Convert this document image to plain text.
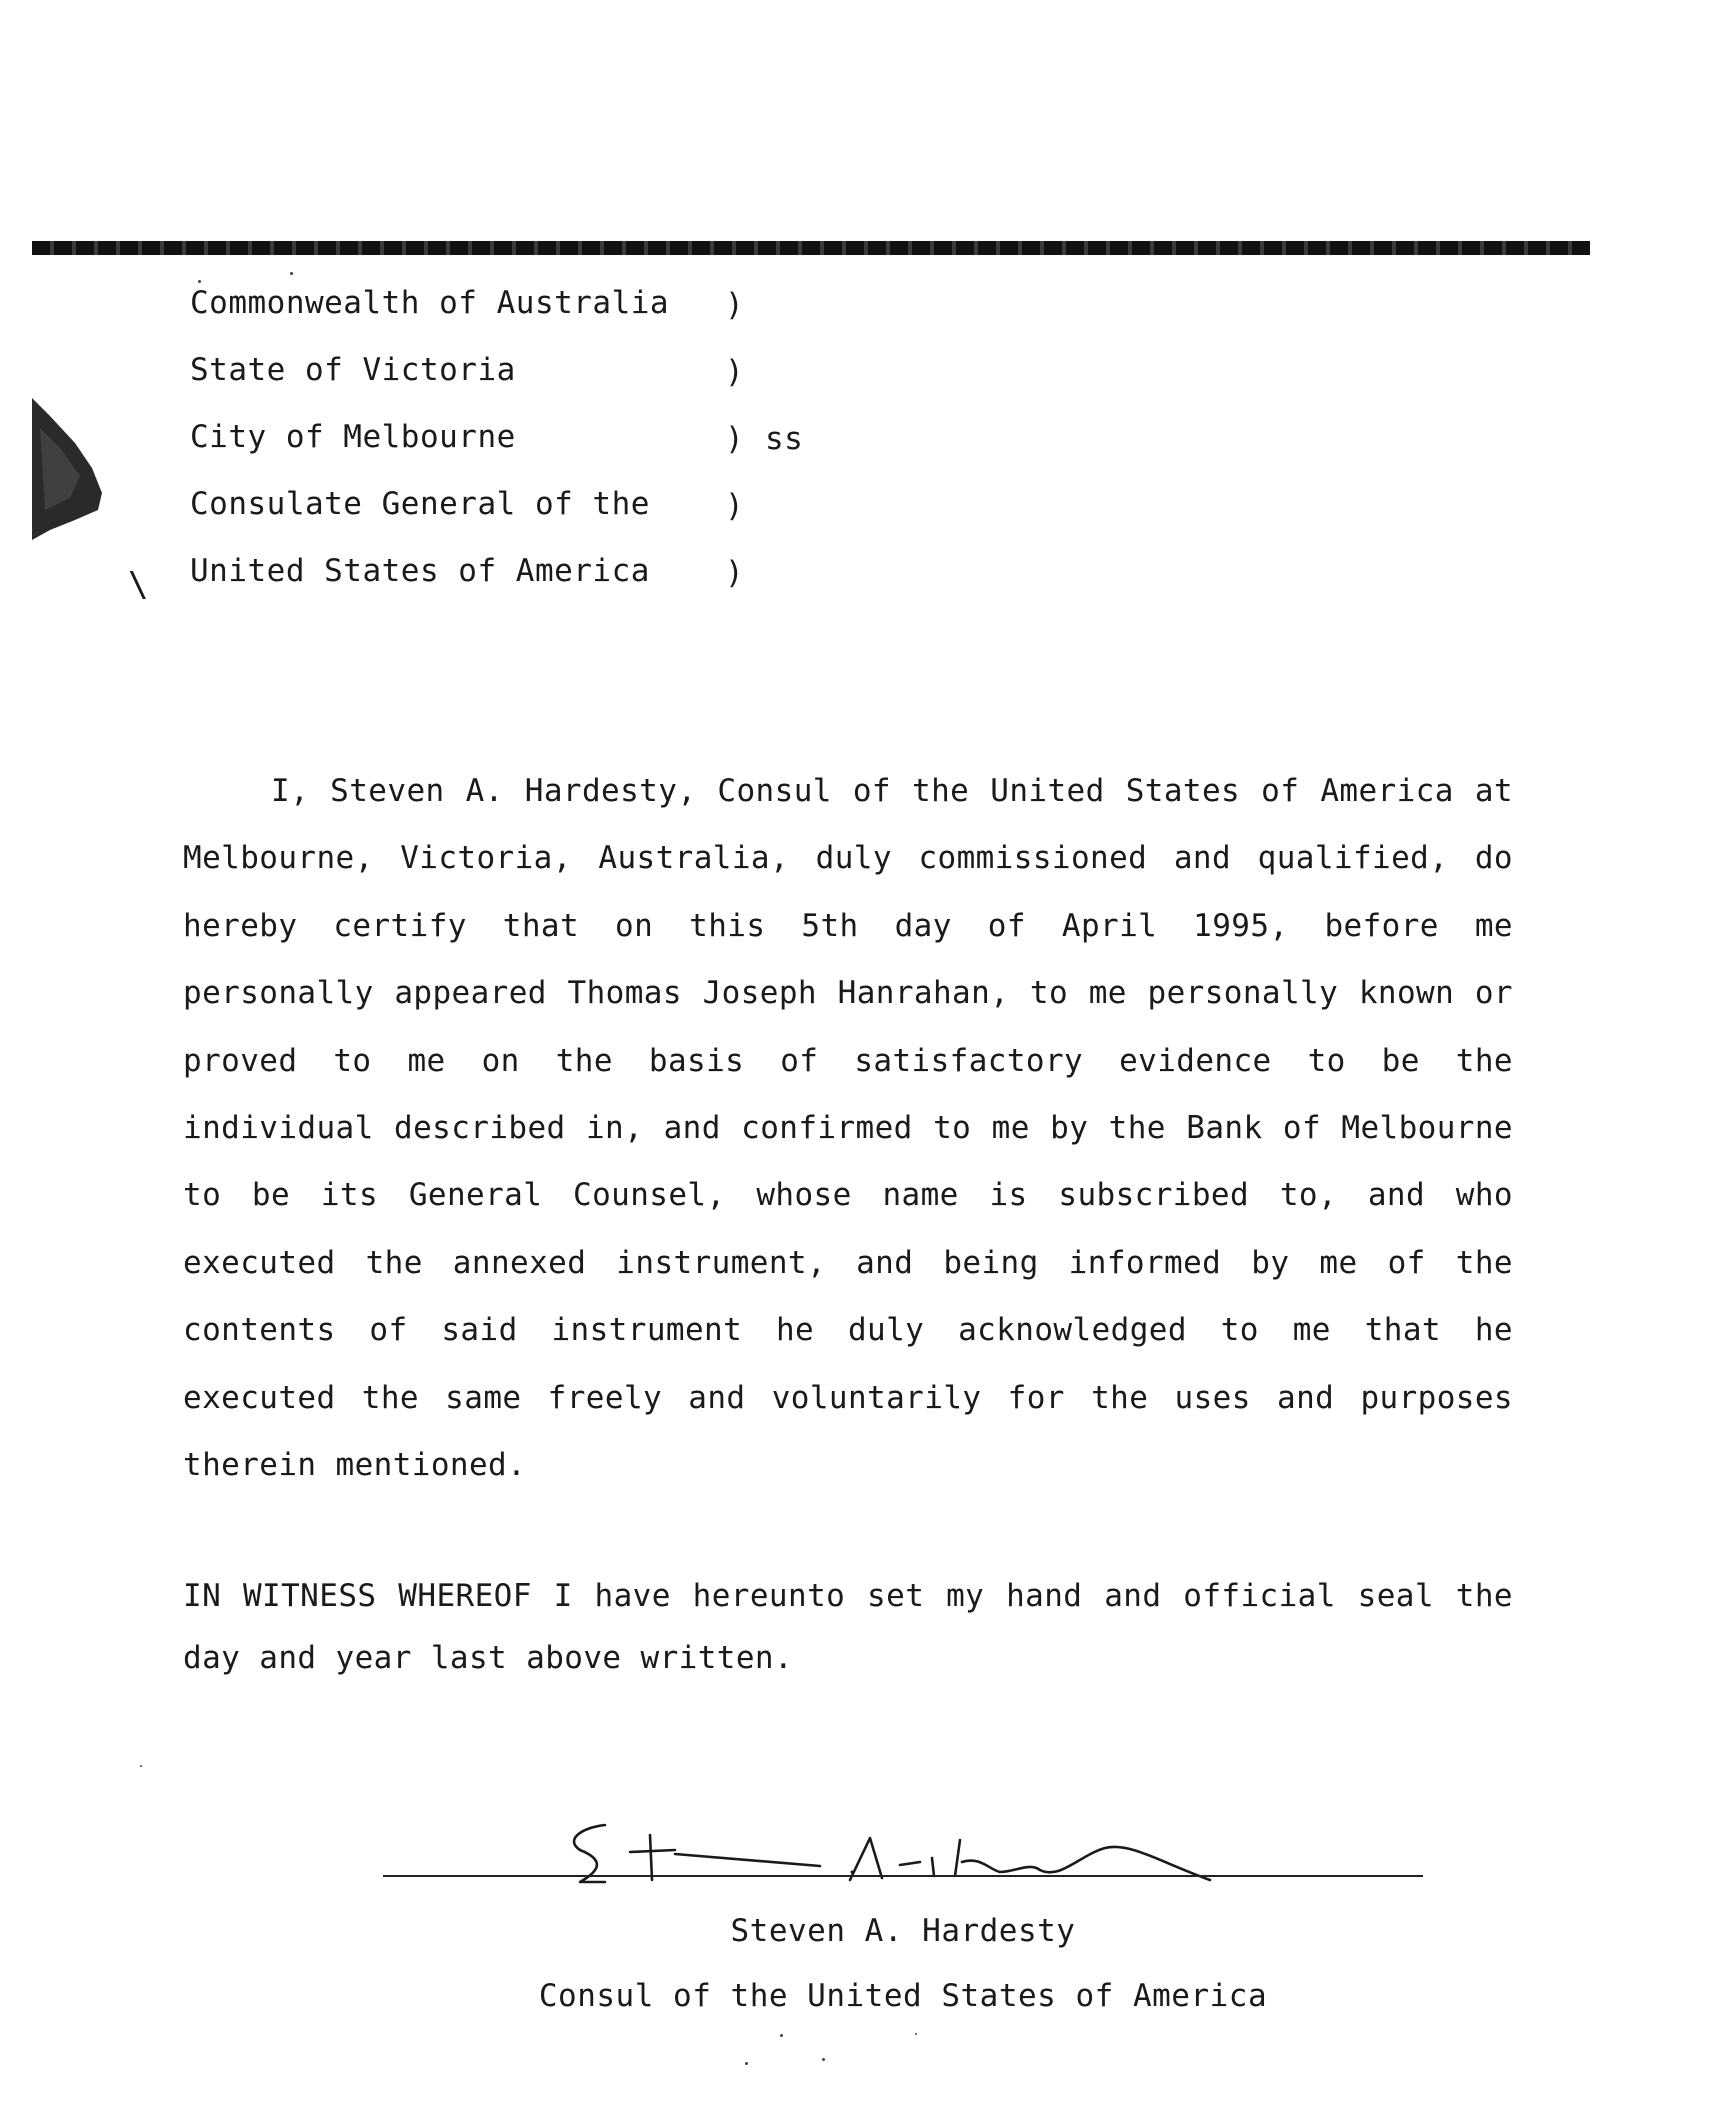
\
Commonwealth of Australia )
State of Victoria	)
City of Melbourne	) ss
Consulate General of the )
United States of America )
I, Steven A. Hardesty, Consul of the United States of America at Melbourne, Victoria, Australia, duly commissioned and qualified, do hereby certify that on this 5th day of April 1995, before me personally appeared Thomas Joseph Hanrahan, to me personally known or proved to me on the basis of satisfactory evidence to be the individual described in, and confirmed to me by the Bank of Melbourne to be its General Counsel, whose name is subscribed to, and who executed the annexed instrument, and being informed by me of the contents of said instrument he duly acknowledged to me that he executed the same freely and voluntarily for the uses and purposes therein mentioned.
IN WITNESS WHEREOF I have hereunto set my hand and official seal the day and year last above written.
Steven A. Hardesty
Consul of the United States of America
